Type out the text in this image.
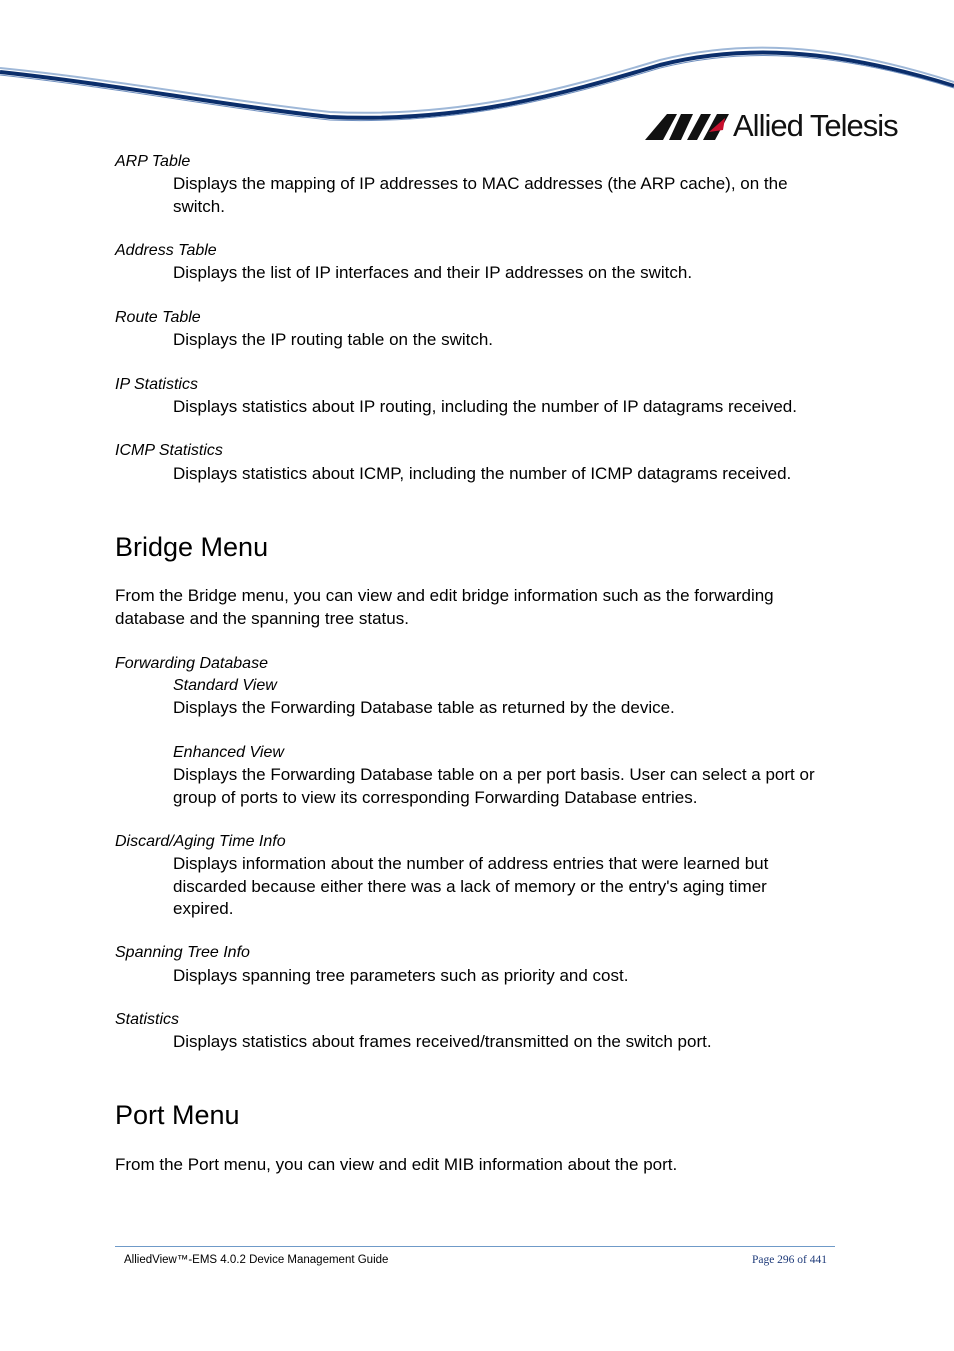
Allied Telesis

ARP Table

Displays the mapping of IP addresses to MAC addresses (the ARP cache), on the switch.

Address Table

Displays the list of IP interfaces and their IP addresses on the switch.

Route Table

Displays the IP routing table on the switch.

IP Statistics

Displays statistics about IP routing, including the number of IP datagrams received.

ICMP Statistics

Displays statistics about ICMP, including the number of ICMP datagrams received.

Bridge Menu

From the Bridge menu, you can view and edit bridge information such as the forwarding database and the spanning tree status.

Forwarding Database

Standard View

Displays the Forwarding Database table as returned by the device.

Enhanced View

Displays the Forwarding Database table on a per port basis. User can select a port or group of ports to view its corresponding Forwarding Database entries.

Discard/Aging Time Info

Displays information about the number of address entries that were learned but discarded because either there was a lack of memory or the entry's aging timer expired.

Spanning Tree Info

Displays spanning tree parameters such as priority and cost.

Statistics

Displays statistics about frames received/transmitted on the switch port.

Port Menu

From the Port menu, you can view and edit MIB information about the port.

AlliedView™-EMS 4.0.2 Device Management Guide	Page 296 of 441
